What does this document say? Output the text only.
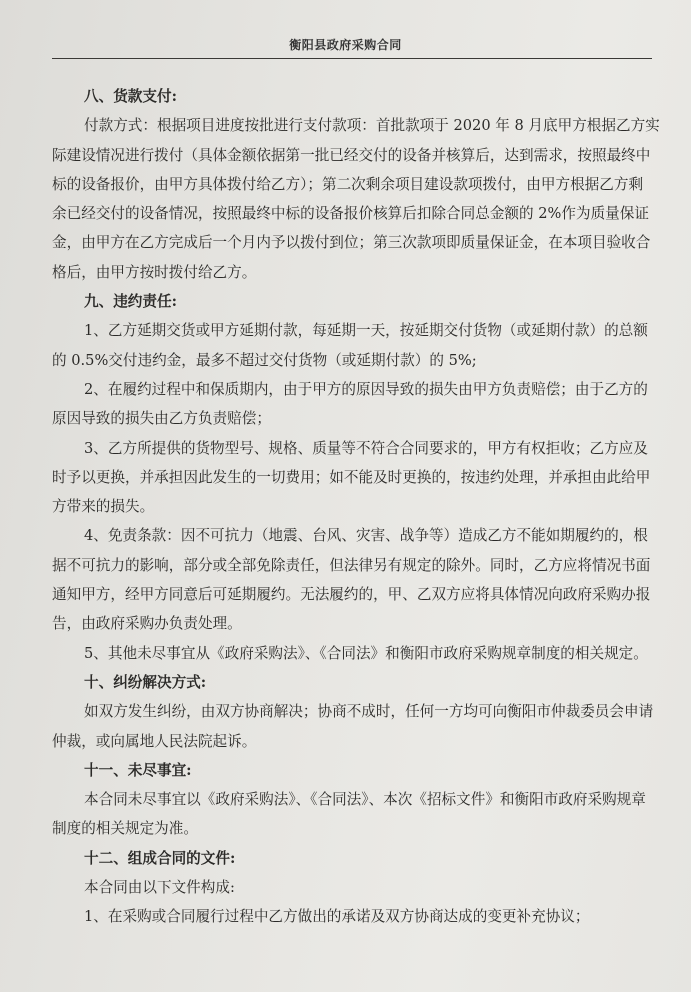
衡阳县政府采购合同
八、货款支付:
付款方式：根据项目进度按批进行支付款项：首批款项于 2020 年 8 月底甲方根据乙方实
际建设情况进行拨付（具体金额依据第一批已经交付的设备并核算后，达到需求，按照最终中
标的设备报价，由甲方具体拨付给乙方）；第二次剩余项目建设款项拨付，由甲方根据乙方剩
余已经交付的设备情况，按照最终中标的设备报价核算后扣除合同总金额的 2%作为质量保证
金，由甲方在乙方完成后一个月内予以拨付到位；第三次款项即质量保证金，在本项目验收合
格后，由甲方按时拨付给乙方。
九、违约责任:
1、乙方延期交货或甲方延期付款，每延期一天，按延期交付货物（或延期付款）的总额
的 0.5%交付违约金，最多不超过交付货物（或延期付款）的 5%;
2、在履约过程中和保质期内，由于甲方的原因导致的损失由甲方负责赔偿；由于乙方的
原因导致的损失由乙方负责赔偿；
3、乙方所提供的货物型号、规格、质量等不符合合同要求的，甲方有权拒收；乙方应及
时予以更换，并承担因此发生的一切费用；如不能及时更换的，按违约处理，并承担由此给甲
方带来的损失。
4、免责条款：因不可抗力（地震、台风、灾害、战争等）造成乙方不能如期履约的，根
据不可抗力的影响，部分或全部免除责任，但法律另有规定的除外。同时，乙方应将情况书面
通知甲方，经甲方同意后可延期履约。无法履约的，甲、乙双方应将具体情况向政府采购办报
告，由政府采购办负责处理。
5、其他未尽事宜从《政府采购法》、《合同法》和衡阳市政府采购规章制度的相关规定。
十、纠纷解决方式:
如双方发生纠纷，由双方协商解决；协商不成时，任何一方均可向衡阳市仲裁委员会申请
仲裁，或向属地人民法院起诉。
十一、未尽事宜:
本合同未尽事宜以《政府采购法》、《合同法》、本次《招标文件》和衡阳市政府采购规章
制度的相关规定为准。
十二、组成合同的文件:
本合同由以下文件构成:
1、在采购或合同履行过程中乙方做出的承诺及双方协商达成的变更补充协议；
